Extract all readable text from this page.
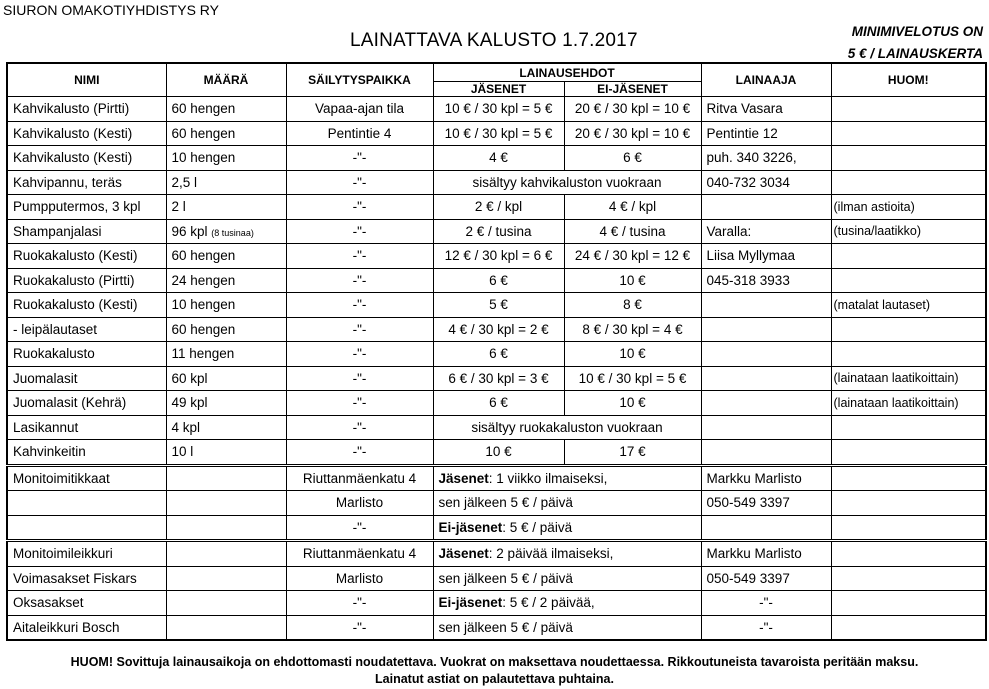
SIURON OMAKOTIYHDISTYS RY
LAINATTAVA KALUSTO 1.7.2017	MINIMIVELOTUS ON
5 € / LAINAUSKERTA
NIMI	MÄÄRÄ	SÄILYTYSPAIKKA	LAINAUSEHDOT		LAINAAJA	HUOM!
			JÄSENET	EI-JÄSENET		
Kahvikalusto (Pirtti)	60 hengen	Vapaa-ajan tila	10 € / 30 kpl = 5 €	20 € / 30 kpl = 10 €	Ritva Vasara	
Kahvikalusto (Kesti)	60 hengen	Pentintie 4	10 € / 30 kpl = 5 €	20 € / 30 kpl = 10 €	Pentintie 12	
Kahvikalusto (Kesti)	10 hengen	-"-	4 €	6 €	puh. 340 3226,	
Kahvipannu, teräs	2,5 l	-"-	sisältyy kahvikaluston vuokraan		040-732 3034	
Pumpputermos, 3 kpl	2 l	-"-	2 € / kpl	4 € / kpl		(ilman astioita)
Shampanjalasi	96 kpl (8 tusinaa)	-"-	2 € / tusina	4 € / tusina	Varalla:	(tusina/laatikko)
Ruokakalusto (Kesti)	60 hengen	-"-	12 € / 30 kpl = 6 €	24 € / 30 kpl = 12 €	Liisa Myllymaa	
Ruokakalusto (Pirtti)	24 hengen	-"-	6 €	10 €	045-318 3933	
Ruokakalusto (Kesti)	10 hengen	-"-	5 €	8 €		(matalat lautaset)
- leipälautaset	60 hengen	-"-	4 € / 30 kpl = 2 €	8 € / 30 kpl = 4 €		
Ruokakalusto	11 hengen	-"-	6 €	10 €		
Juomalasit	60 kpl	-"-	6 € / 30 kpl = 3 €	10 € / 30 kpl = 5 €		(lainataan laatikoittain)
Juomalasit (Kehrä)	49 kpl	-"-	6 €	10 €		(lainataan laatikoittain)
Lasikannut	4 kpl	-"-	sisältyy ruokakaluston vuokraan			
Kahvinkeitin	10 l	-"-	10 €	17 €		
Monitoimitikkaat		Riuttanmäenkatu 4	Jäsenet: 1 viikko ilmaiseksi,		Markku Marlisto	
		Marlisto	sen jälkeen 5 € / päivä		050-549 3397	
		-"-	Ei-jäsenet: 5 € / päivä			
Monitoimileikkuri		Riuttanmäenkatu 4	Jäsenet: 2 päivää ilmaiseksi,		Markku Marlisto	
Voimasakset Fiskars		Marlisto	sen jälkeen 5 € / päivä		050-549 3397	
Oksasakset		-"-	Ei-jäsenet: 5 € / 2 päivää,		-"-	
Aitaleikkuri Bosch		-"-	sen jälkeen 5 € / päivä		-"-	
HUOM! Sovittuja lainausaikoja on ehdottomasti noudatettava. Vuokrat on maksettava noudettaessa. Rikkoutuneista tavaroista peritään maksu.
Lainatut astiat on palautettava puhtaina.
